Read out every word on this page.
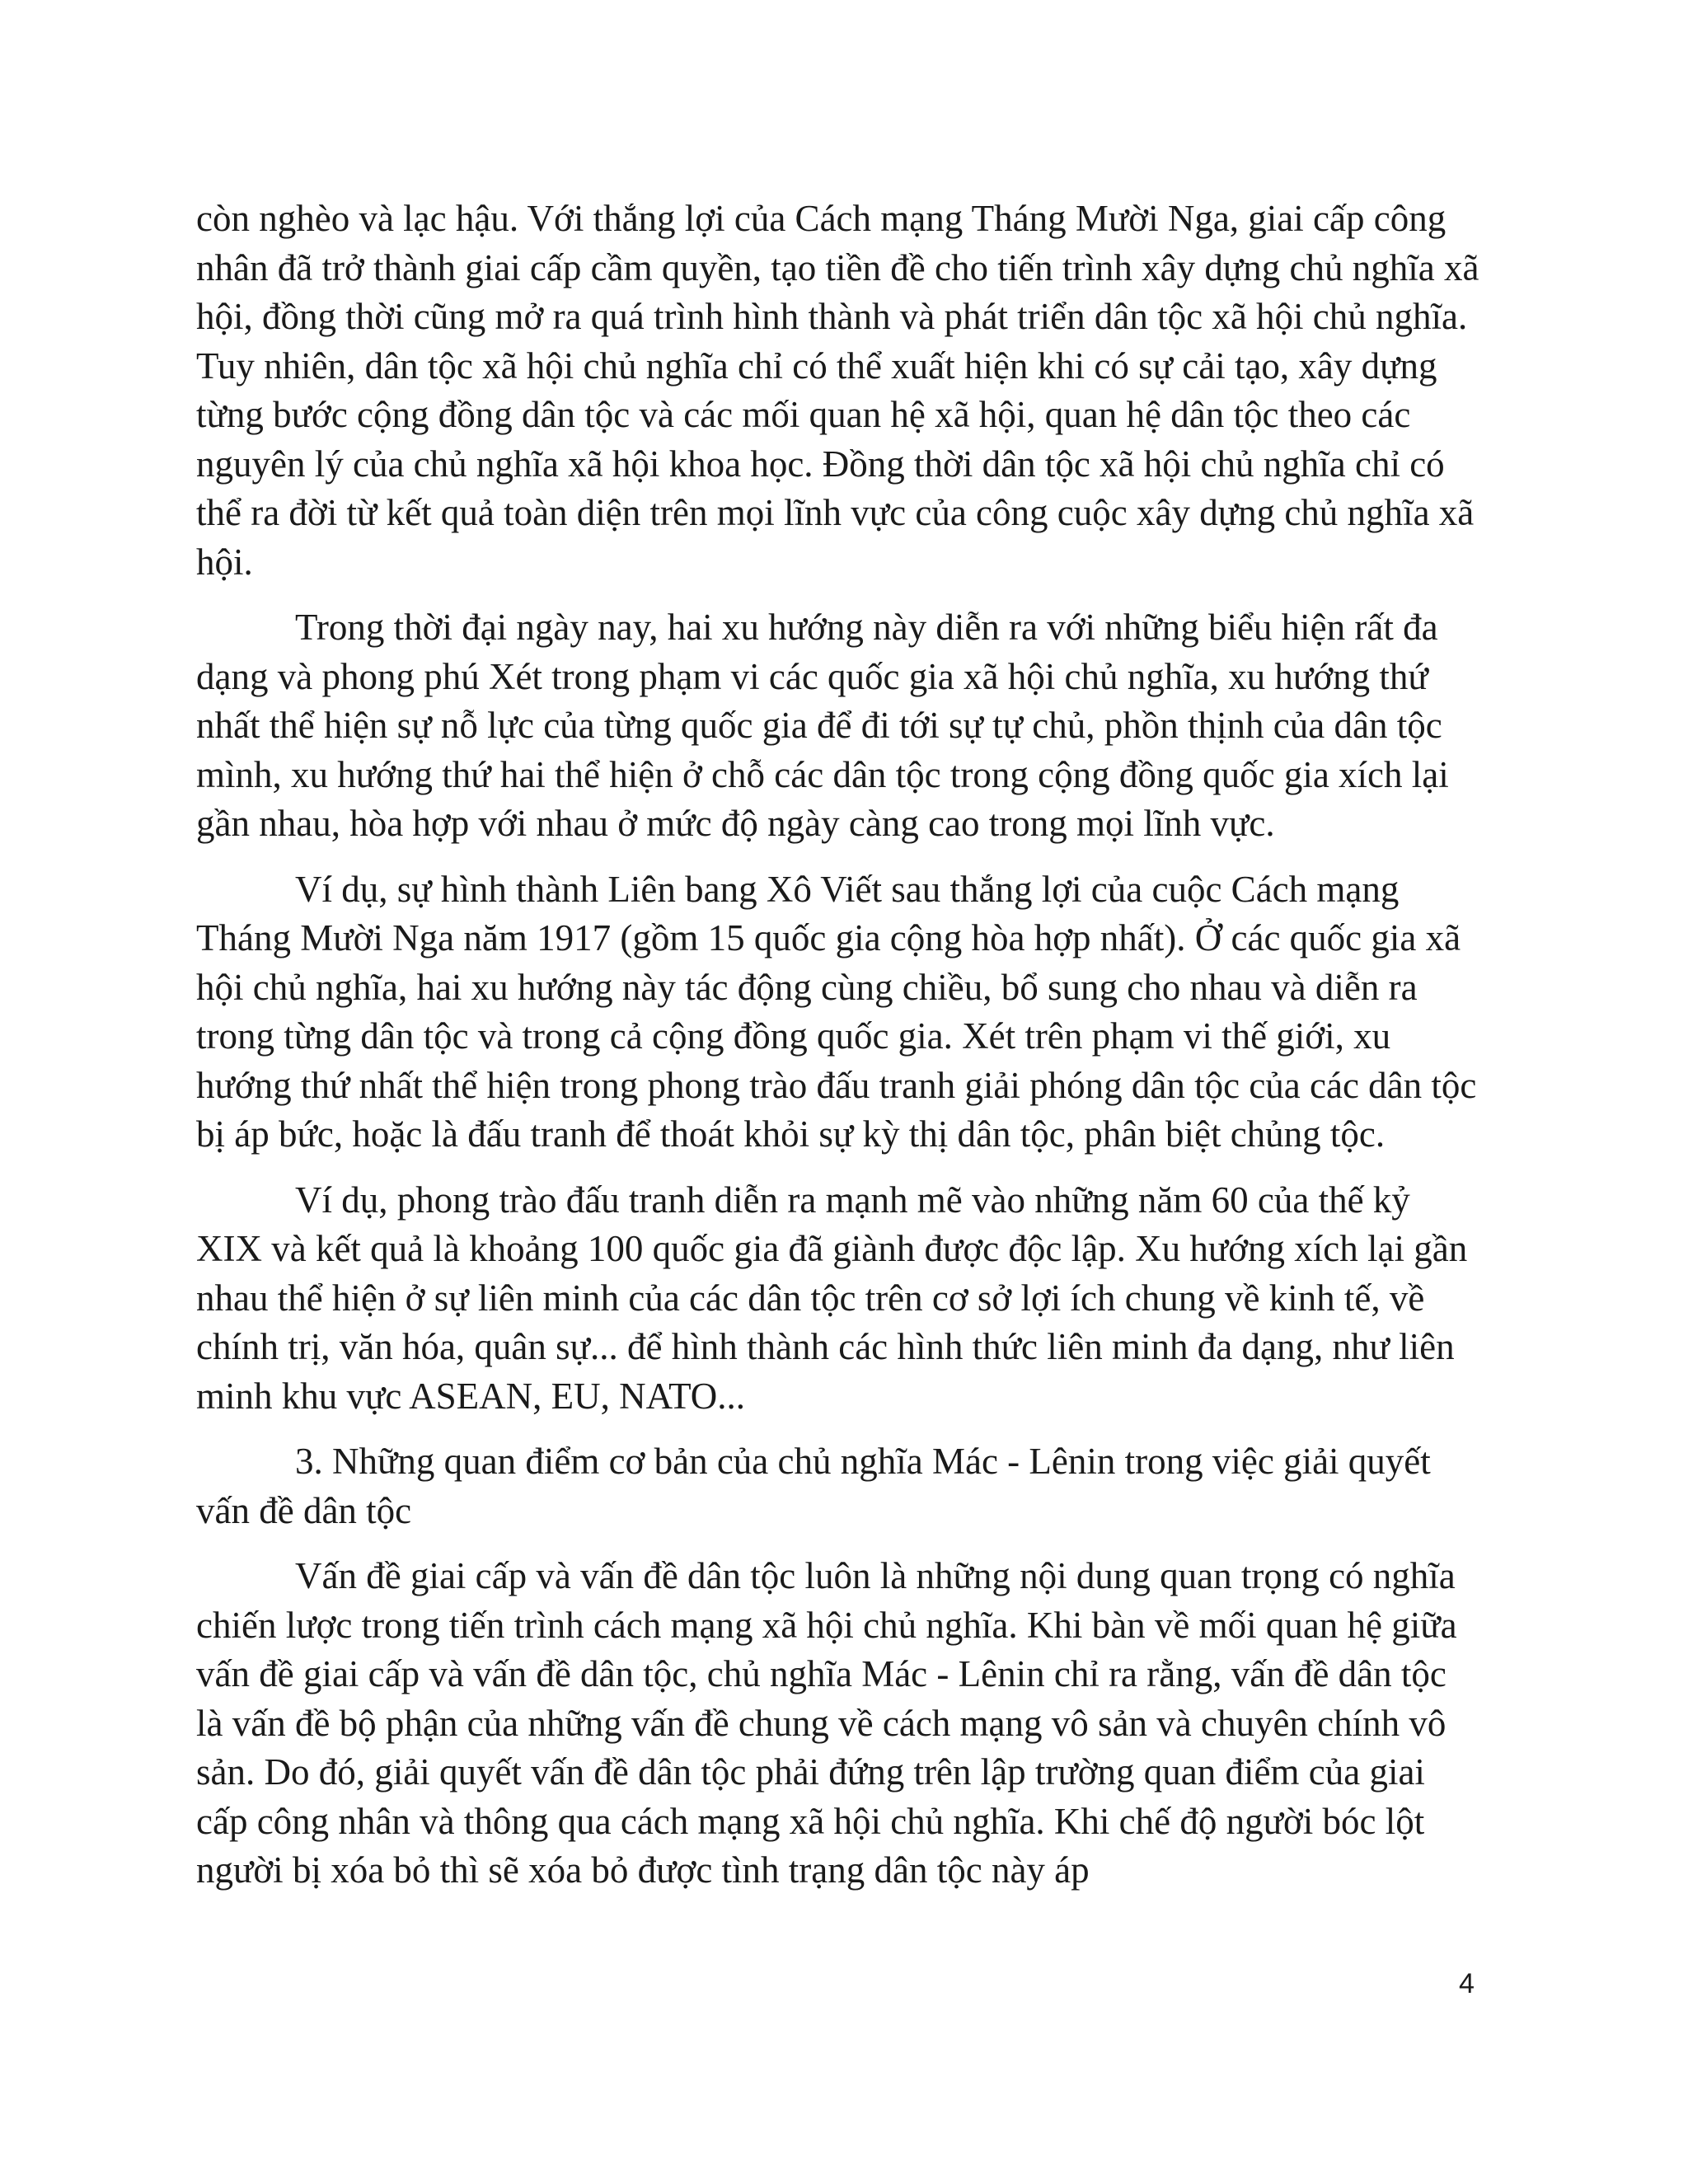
còn nghèo và lạc hậu. Với thắng lợi của Cách mạng Tháng Mười Nga, giai cấp công nhân đã trở thành giai cấp cầm quyền, tạo tiền đề cho tiến trình xây dựng chủ nghĩa xã hội, đồng thời cũng mở ra quá trình hình thành và phát triển dân tộc xã hội chủ nghĩa. Tuy nhiên, dân tộc xã hội chủ nghĩa chỉ có thể xuất hiện khi có sự cải tạo, xây dựng từng bước cộng đồng dân tộc và các mối quan hệ xã hội, quan hệ dân tộc theo các nguyên lý của chủ nghĩa xã hội khoa học. Đồng thời dân tộc xã hội chủ nghĩa chỉ có thể ra đời từ kết quả toàn diện trên mọi lĩnh vực của công cuộc xây dựng chủ nghĩa xã hội.

Trong thời đại ngày nay, hai xu hướng này diễn ra với những biểu hiện rất đa dạng và phong phú Xét trong phạm vi các quốc gia xã hội chủ nghĩa, xu hướng thứ nhất thể hiện sự nỗ lực của từng quốc gia để đi tới sự tự chủ, phồn thịnh của dân tộc mình, xu hướng thứ hai thể hiện ở chỗ các dân tộc trong cộng đồng quốc gia xích lại gần nhau, hòa hợp với nhau ở mức độ ngày càng cao trong mọi lĩnh vực.

Ví dụ, sự hình thành Liên bang Xô Viết sau thắng lợi của cuộc Cách mạng Tháng Mười Nga năm 1917 (gồm 15 quốc gia cộng hòa hợp nhất). Ở các quốc gia xã hội chủ nghĩa, hai xu hướng này tác động cùng chiều, bổ sung cho nhau và diễn ra trong từng dân tộc và trong cả cộng đồng quốc gia. Xét trên phạm vi thế giới, xu hướng thứ nhất thể hiện trong phong trào đấu tranh giải phóng dân tộc của các dân tộc bị áp bức, hoặc là đấu tranh để thoát khỏi sự kỳ thị dân tộc, phân biệt chủng tộc.

Ví dụ, phong trào đấu tranh diễn ra mạnh mẽ vào những năm 60 của thế kỷ XIX và kết quả là khoảng 100 quốc gia đã giành được độc lập. Xu hướng xích lại gần nhau thể hiện ở sự liên minh của các dân tộc trên cơ sở lợi ích chung về kinh tế, về chính trị, văn hóa, quân sự... để hình thành các hình thức liên minh đa dạng, như liên minh khu vực ASEAN, EU, NATO...

3. Những quan điểm cơ bản của chủ nghĩa Mác - Lênin trong việc giải quyết vấn đề dân tộc

Vấn đề giai cấp và vấn đề dân tộc luôn là những nội dung quan trọng có nghĩa chiến lược trong tiến trình cách mạng xã hội chủ nghĩa. Khi bàn về mối quan hệ giữa vấn đề giai cấp và vấn đề dân tộc, chủ nghĩa Mác - Lênin chỉ ra rằng, vấn đề dân tộc là vấn đề bộ phận của những vấn đề chung về cách mạng vô sản và chuyên chính vô sản. Do đó, giải quyết vấn đề dân tộc phải đứng trên lập trường quan điểm của giai cấp công nhân và thông qua cách mạng xã hội chủ nghĩa. Khi chế độ người bóc lột người bị xóa bỏ thì sẽ xóa bỏ được tình trạng dân tộc này áp

4
